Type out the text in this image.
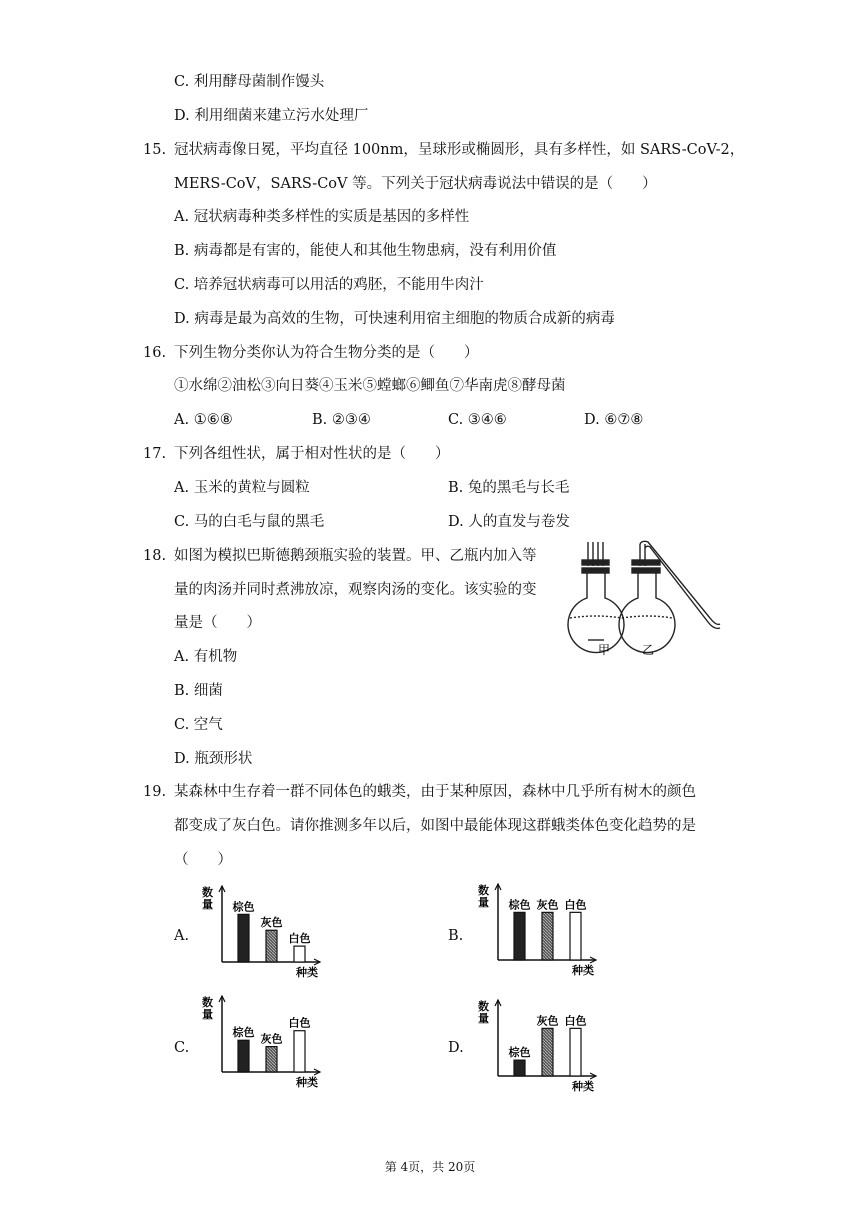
C. 利用酵母菌制作馒头
D. 利用细菌来建立污水处理厂
15. 冠状病毒像日冕，平均直径 100nm，呈球形或椭圆形，具有多样性，如 SARS-CoV-2，
MERS-CoV，SARS-CoV 等。下列关于冠状病毒说法中错误的是（　　）
A. 冠状病毒种类多样性的实质是基因的多样性
B. 病毒都是有害的，能使人和其他生物患病，没有利用价值
C. 培养冠状病毒可以用活的鸡胚，不能用牛肉汁
D. 病毒是最为高效的生物，可快速利用宿主细胞的物质合成新的病毒
16. 下列生物分类你认为符合生物分类的是（　　）
①水绵②油松③向日葵④玉米⑤螳螂⑥鲫鱼⑦华南虎⑧酵母菌
A. ①⑥⑧	B. ②③④	C. ③④⑥	D. ⑥⑦⑧
17. 下列各组性状，属于相对性状的是（　　）
A. 玉米的黄粒与圆粒	B. 兔的黑毛与长毛
C. 马的白毛与鼠的黑毛	D. 人的直发与卷发
18. 如图为模拟巴斯德鹅颈瓶实验的装置。甲、乙瓶内加入等
量的肉汤并同时煮沸放凉，观察肉汤的变化。该实验的变
量是（　　）
A. 有机物
B. 细菌
C. 空气
D. 瓶颈形状
甲	乙
19. 某森林中生存着一群不同体色的蛾类，由于某种原因，森林中几乎所有树木的颜色
都变成了灰白色。请你推测多年以后，如图中最能体现这群蛾类体色变化趋势的是
（　　）
A.	B.
C.	D.
数量
种类
棕色
灰色
白色
数量
种类
棕色 灰色 白色
数量
种类
棕色 灰色
白色
数量
种类
棕色
灰色 白色
第 4页，共 20页
